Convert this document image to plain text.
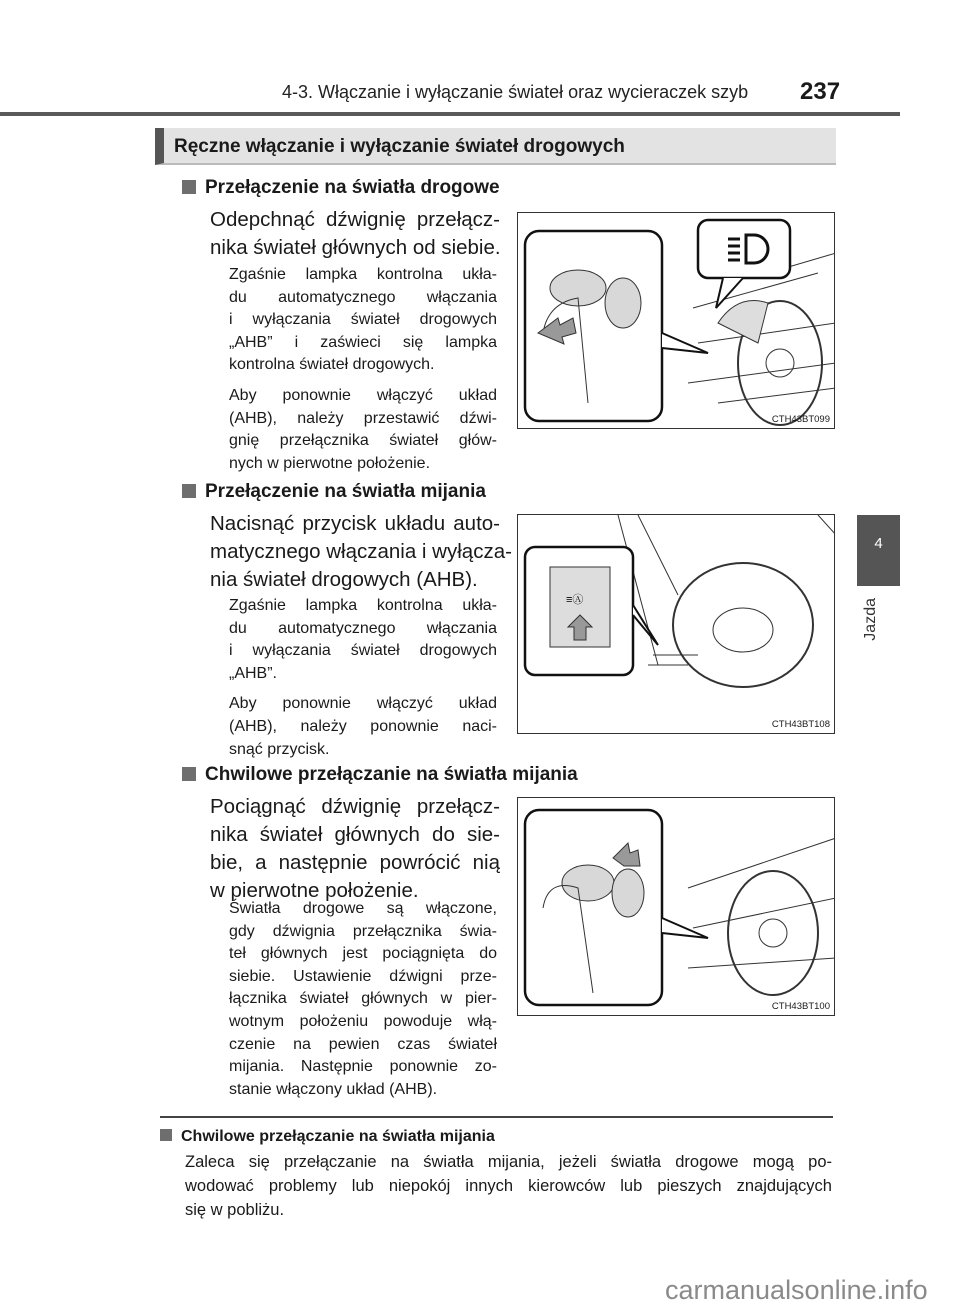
4-3. Włączanie i wyłączanie świateł oraz wycieraczek szyb 237
Ręczne włączanie i wyłączanie świateł drogowych
4
Jazda
Przełączenie na światła drogowe
Odepchnąć dźwignię przełącz-
nika świateł głównych od siebie.
Zgaśnie lampka kontrolna ukła-
du automatycznego włączania
i wyłączania świateł drogowych
„AHB” i zaświeci się lampka
kontrolna świateł drogowych.
Aby ponownie włączyć układ
(AHB), należy przestawić dźwi-
gnię przełącznika świateł głów-
nych w pierwotne położenie.
CTH43BT099
Przełączenie na światła mijania
Nacisnąć przycisk układu auto-
matycznego włączania i wyłącza-
nia świateł drogowych (AHB).
Zgaśnie lampka kontrolna ukła-
du automatycznego włączania
i wyłączania świateł drogowych
„AHB”.
Aby ponownie włączyć układ
(AHB), należy ponownie naci-
snąć przycisk.
≡Ⓐ
CTH43BT108
Chwilowe przełączanie na światła mijania
Pociągnąć dźwignię przełącz-
nika świateł głównych do sie-
bie, a następnie powrócić nią
w pierwotne położenie.
Światła drogowe są włączone,
gdy dźwignia przełącznika świa-
teł głównych jest pociągnięta do
siebie. Ustawienie dźwigni prze-
łącznika świateł głównych w pier-
wotnym położeniu powoduje włą-
czenie na pewien czas świateł
mijania. Następnie ponownie zo-
stanie włączony układ (AHB).
CTH43BT100
Chwilowe przełączanie na światła mijania
Zaleca się przełączanie na światła mijania, jeżeli światła drogowe mogą po-
wodować problemy lub niepokój innych kierowców lub pieszych znajdujących
się w pobliżu.
carmanualsonline.info
